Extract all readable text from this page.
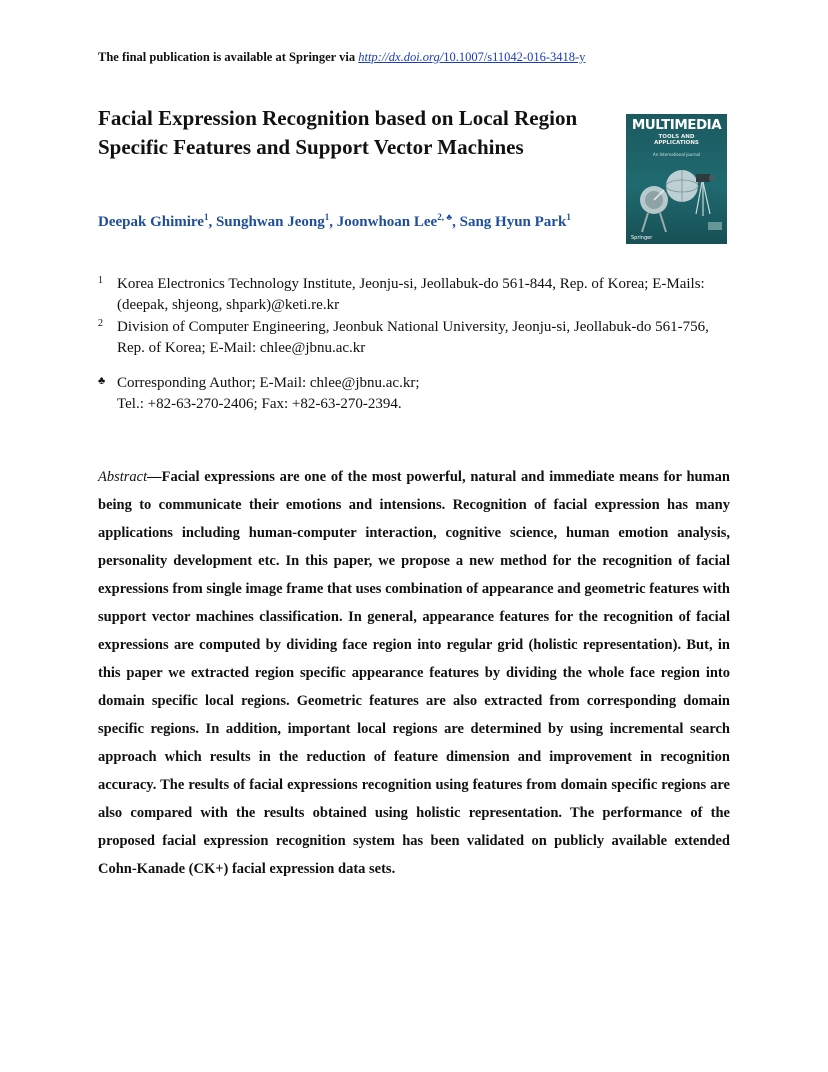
The final publication is available at Springer via http://dx.doi.org/10.1007/s11042-016-3418-y
Facial Expression Recognition based on Local Region Specific Features and Support Vector Machines
MULTIMEDIA
TOOLS AND
APPLICATIONS
An International Journal
Springer

Deepak Ghimire$^1$, Sunghwan Jeong$^1$, Joonwhoan Lee$^{2, ♣}$, Sang Hyun Park$^1$

1 Korea Electronics Technology Institute, Jeonju-si, Jeollabuk-do 561-844, Rep. of Korea; E-Mails: (deepak, shjeong, shpark)@keti.re.kr
2 Division of Computer Engineering, Jeonbuk National University, Jeonju-si, Jeollabuk-do 561-756, Rep. of Korea; E-Mail: chlee@jbnu.ac.kr
♣ Corresponding Author; E-Mail: chlee@jbnu.ac.kr;
Tel.: +82-63-270-2406; Fax: +82-63-270-2394.

Abstract—Facial expressions are one of the most powerful, natural and immediate means for human being to communicate their emotions and intensions. Recognition of facial expression has many applications including human-computer interaction, cognitive science, human emotion analysis, personality development etc. In this paper, we propose a new method for the recognition of facial expressions from single image frame that uses combination of appearance and geometric features with support vector machines classification. In general, appearance features for the recognition of facial expressions are computed by dividing face region into regular grid (holistic representation). But, in this paper we extracted region specific appearance features by dividing the whole face region into domain specific local regions. Geometric features are also extracted from corresponding domain specific regions. In addition, important local regions are determined by using incremental search approach which results in the reduction of feature dimension and improvement in recognition accuracy. The results of facial expressions recognition using features from domain specific regions are also compared with the results obtained using holistic representation. The performance of the proposed facial expression recognition system has been validated on publicly available extended Cohn-Kanade (CK+) facial expression data sets.
